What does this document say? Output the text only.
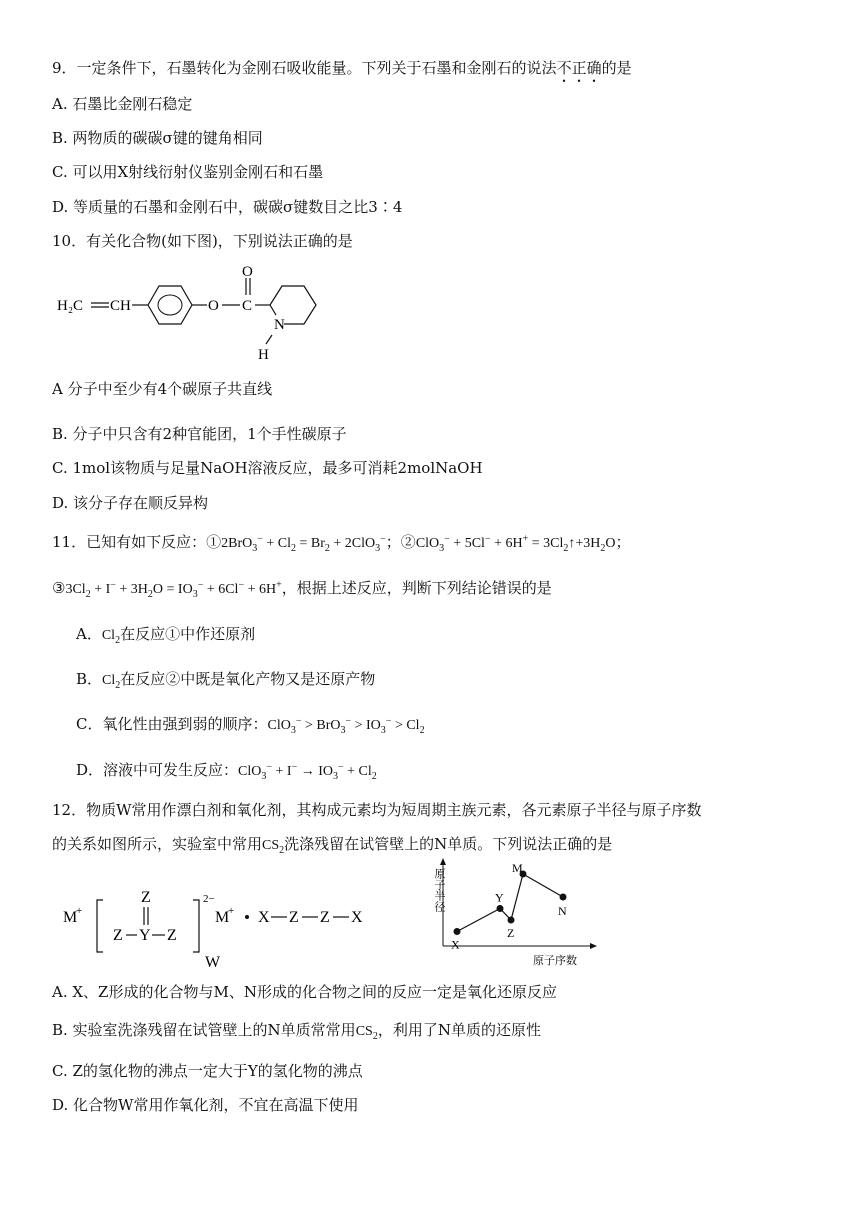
9．一定条件下，石墨转化为金刚石吸收能量。下列关于石墨和金刚石的说法不正确的是
A. 石墨比金刚石稳定
B. 两物质的碳碳σ键的键角相同
C. 可以用X射线衍射仪鉴别金刚石和石墨
D. 等质量的石墨和金刚石中，碳碳σ键数目之比3∶4
10．有关化合物(如下图)，下别说法正确的是
H₂C CH	O C
O
N
H
A 分子中至少有4个碳原子共直线
B. 分子中只含有2种官能团，1个手性碳原子
C. 1mol该物质与足量NaOH溶液反应，最多可消耗2molNaOH
D. 该分子存在顺反异构
11．已知有如下反应：①2BrO$_3$− + $Cl_2 = Br_2 + 2ClO_3^-$；②ClO$_3$− + $5Cl^- + 6H^+ = 3Cl_2↑+3H_2O$；
$③3Cl_2 + I^- + 3H_2O = IO_3^- + 6Cl^- + 6H^+$，根据上述反应，判断下列结论错误的是
A．$Cl_2$在反应①中作还原剂
B．$Cl_2$在反应②中既是氧化产物又是还原产物
C．氧化性由强到弱的顺序：$ClO_3^- > BrO_3^- > IO_3^- > Cl_2$
D．溶液中可发生反应：$ClO_3^- + I^- \to IO_3^- + Cl_2$
12．物质W常用作漂白剂和氧化剂，其构成元素均为短周期主族元素，各元素原子半径与原子序数
的关系如图所示，实验室中常用$CS_2$洗涤残留在试管壁上的N单质。下列说法正确的是
M
+
2−
Z
Z Y Z
M
+ X Z Z X
W
原子半径
原子序数
X
Y
Z
M
N
A. X、Z形成的化合物与M、N形成的化合物之间的反应一定是氧化还原反应
B. 实验室洗涤残留在试管壁上的N单质常常用$CS_2$，利用了N单质的还原性
C. Z的氢化物的沸点一定大于Y的氢化物的沸点
D. 化合物W常用作氧化剂，不宜在高温下使用
